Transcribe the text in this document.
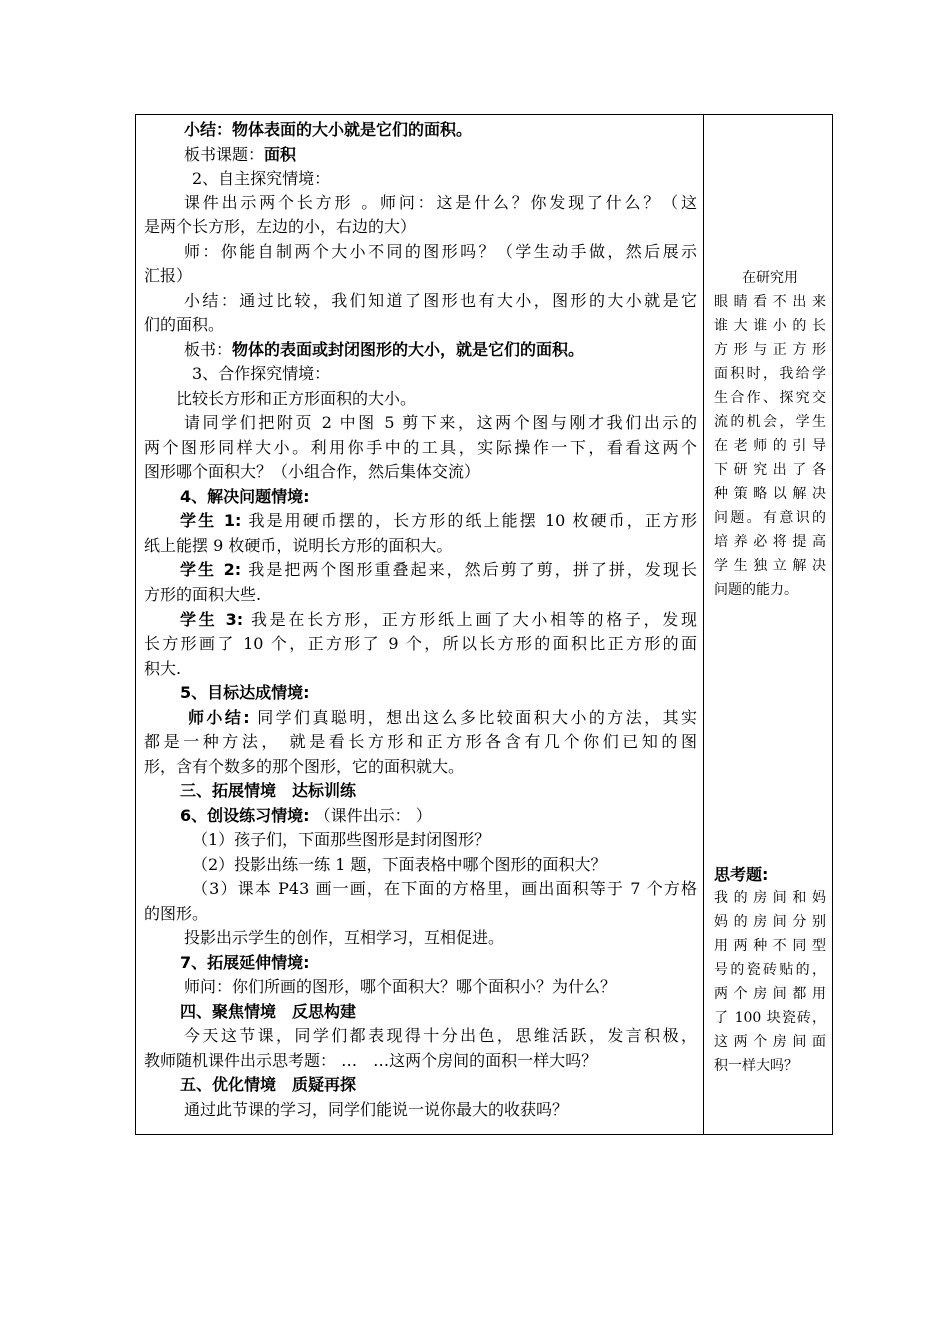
小结：物体表面的大小就是它们的面积。
板书课题：面积
2、自主探究情境：
课件出示两个长方形 。师问：这是什么？你发现了什么？（这
是两个长方形，左边的小，右边的大）
师：你能自制两个大小不同的图形吗？（学生动手做，然后展示
汇报）
小结：通过比较，我们知道了图形也有大小，图形的大小就是它
们的面积。
板书：物体的表面或封闭图形的大小，就是它们的面积。
3、合作探究情境：
比较长方形和正方形面积的大小。
请同学们把附页 2 中图 5 剪下来，这两个图与刚才我们出示的
两个图形同样大小。利用你手中的工具，实际操作一下，看看这两个
图形哪个面积大？（小组合作，然后集体交流）
4、解决问题情境:
学生 1: 我是用硬币摆的，长方形的纸上能摆 10 枚硬币，正方形
纸上能摆 9 枚硬币，说明长方形的面积大。
学生 2: 我是把两个图形重叠起来，然后剪了剪，拼了拼，发现长
方形的面积大些.
学生 3: 我是在长方形，正方形纸上画了大小相等的格子，发现
长方形画了 10 个，正方形了 9 个，所以长方形的面积比正方形的面
积大.
5、目标达成情境:
师小结: 同学们真聪明，想出这么多比较面积大小的方法，其实
都是一种方法， 就是看长方形和正方形各含有几个你们已知的图
形，含有个数多的那个图形，它的面积就大。
三、拓展情境　达标训练
6、创设练习情境: （课件出示： ）
（1）孩子们，下面那些图形是封闭图形？
（2）投影出练一练 1 题，下面表格中哪个图形的面积大？
（3）课本 P43 画一画，在下面的方格里，画出面积等于 7 个方格
的图形。
投影出示学生的创作，互相学习，互相促进。
7、拓展延伸情境:
师问：你们所画的图形，哪个面积大？哪个面积小？为什么？
四、聚焦情境　反思构建
今天这节课，同学们都表现得十分出色，思维活跃，发言积极，
教师随机课件出示思考题： …　…这两个房间的面积一样大吗？
五、优化情境　质疑再探
通过此节课的学习，同学们能说一说你最大的收获吗？
在研究用
眼睛看不出来
谁大谁小的长
方形与正方形
面积时，我给学
生合作、探究交
流的机会，学生
在老师的引导
下研究出了各
种策略以解决
问题。有意识的
培养必将提高
学生独立解决
问题的能力。
思考题:
我的房间和妈
妈的房间分别
用两种不同型
号的瓷砖贴的，
两个房间都用
了 100 块瓷砖，
这两个房间面
积一样大吗？
